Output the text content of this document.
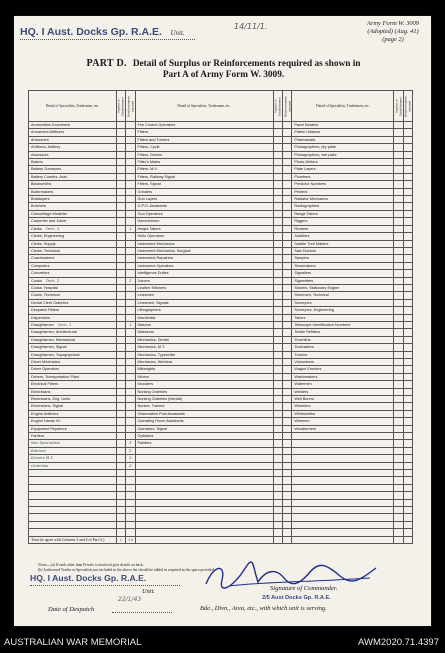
HQ. I Aust. Docks Gp. R.A.E. Unit.
14/11/1.	Army Form W. 3009
(Adopted) (Aug. 41)
(page 2)
PART D. Detail of Surplus or Reinforcements required as shown in
Part A of Army Form W. 3009.
Detail of Specialists, Tradesmen, etc.	Surplus to Establishment	Reinforcements required	Detail of Specialists, Tradesmen, etc.	Surplus to Establishment	Reinforcements required	Detail of Specialists, Tradesmen, etc.	Surplus to Establishment	Reinforcements required
Ammunition Examiners			Fire Control Operators			Panel Beaters		
Armament Artificers			Fitters			Pattern Makers		
Armourers			Fitters and Turners			Pharmacists		
Artificers, Artillery			Fitters, Cycle			Photographers, dry plate		
Assessors			Fitters, Drivers			Photographers, wet plate		
Bakers			Fitter's Mates			Photo-Writers		
Battery Surveyors			Fitters, M.V.			Plate Layers		
Battery Comdrs. Asst.			Fitters, Railway Signal			Plumbers		
Blacksmiths			Fitters, Signal			Predictor Numbers		
Boilermakers			Grinders			Printers		
Bricklayers			Gun Layers			Radiator Mechanics		
Butchers			G.P.O. Assistants			Radiographers		
Camouflage Modeller			Gun Operators			Range Takers		
Carpenter and Joiner			Hammermen			Riggers		
Clerks Tech. 3		1	Height Takers			Riveters		
Clerks, Engineering			Helio Operators			Saddlers		
Clerks, Supply			Instrument Mechanics			Saddle Tree Makers		
Clerks, Technical			Instrument Mechanics, Surgical			Saw Doctors		
Coachmakers			Instrument Repairers			Sawyers		
Computers			Instrument Operators			Shoemakers		
Concretors			Intelligence Duties			Signallers		
Cooks Tech. 2		2	Joiners			Signwriters		
Cooks, Hospital			Leather Stitchers			Stokers, Stationary Engine		
Cooks, Technical			Linesmen			Storemen, Technical		
Dental Clerk Orderlies			Linesmen, Signals			Surveyors		
Despatch Riders			Lithographers			Surveyors, Engineering		
Dispensers			Machinists			Tailors		
Draughtsmen Tech. 1		1	Masons			Telescope Identification Numbers		
Draughtsmen, Architectural			Masseurs			Textile Refitters		
Draughtsmen, Mechanical			Mechanics, Dental			Tinsmiths		
Draughtsmen, Signal			Mechanics, M.T.			Toolmakers		
Draughtsmen, Topographical			Mechanics, Typewriter			Turners		
Driver Mechanics			Mechanics, Wireless			Vulcanisers		
Driver Operators			Millwrights			Wagon Erectors		
Drivers, Transportation Plant			Miners			Watchmakers		
Electrical Fitters			Moulders			Watermen		
Electricians			Nursing Orderlies			Welders		
Electricians, Eng. Units			Nursing Orderlies (Mental)			Well Borers		
Electricians, Signal			Nurses, Trained			Wheelers		
Engine Artificers			Observation Post Assistants			Whitesmiths		
Engine Hands I/C			Operating Room Assistants			Wiremen		
Equipment Repairers			Operators, Signal			Woodturners		
Farriers			Opticians					
Non Specialists		3	Painters					
Batmen		2						
Drivers M.T.		2						
Orderlies		2						

Total (to agree with Columns 3 and 4 of Part A.)	1	14						
Notes—(a) If rank other than Private is involved give details on back.
(b) Authorised Trades or Specialists not included in the above list should be added as required in the space provided.
HQ. I Aust. Docks Gp. R.A.E.
Unit.	Signature of Commander.
2/5 Aust Docks Gp. R.A.E.
22/1/43
Date of Despatch	Bde., Divn., Area, etc., with which unit is serving.
AUSTRALIAN WAR MEMORIAL	AWM2020.71.4397
